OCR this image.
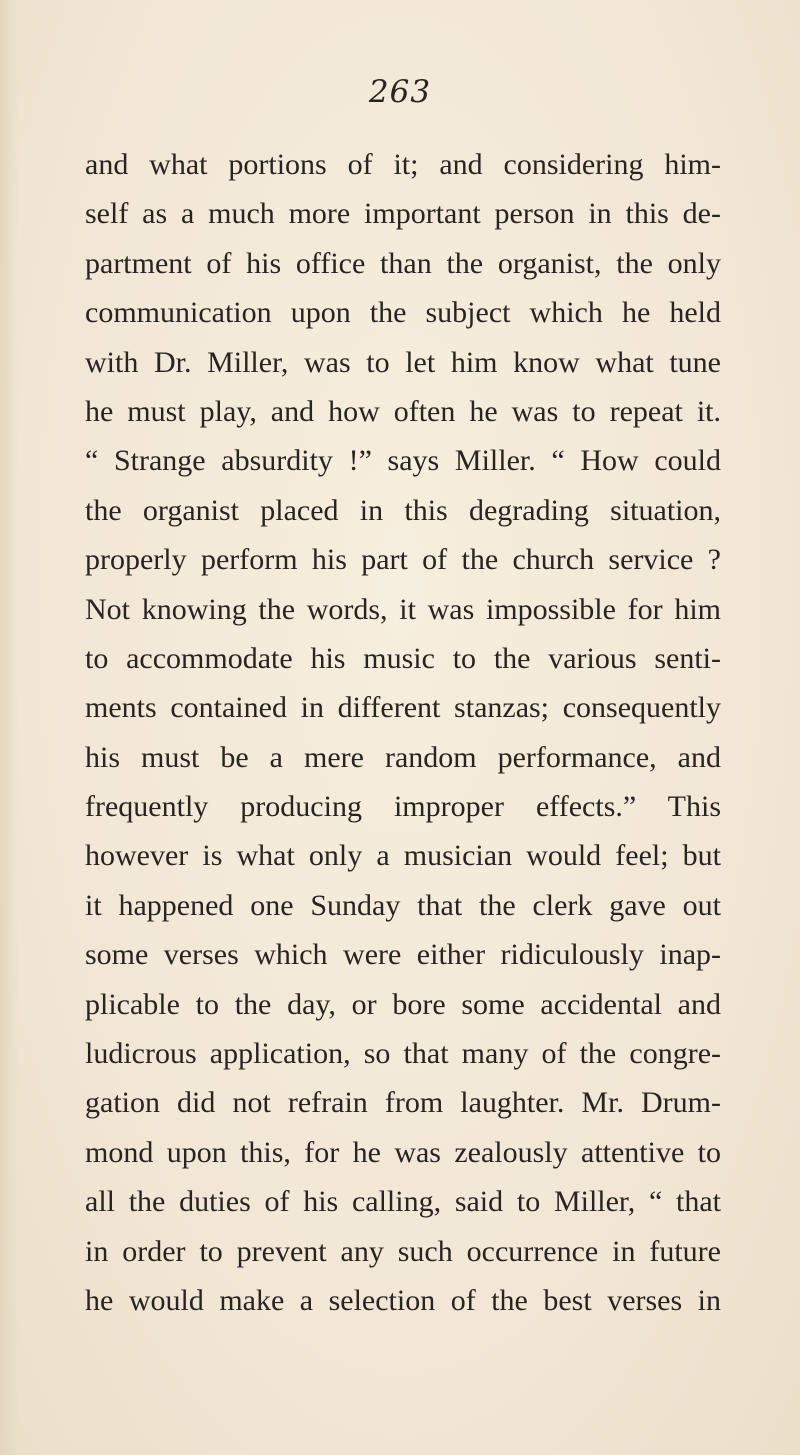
263
and what portions of it; and considering him-
self as a much more important person in this de-
partment of his office than the organist, the only
communication upon the subject which he held
with Dr. Miller, was to let him know what tune
he must play, and how often he was to repeat it.
“ Strange absurdity !” says Miller. “ How could
the organist placed in this degrading situation,
properly perform his part of the church service ?
Not knowing the words, it was impossible for him
to accommodate his music to the various senti-
ments contained in different stanzas; consequently
his must be a mere random performance, and
frequently producing improper effects.” This
however is what only a musician would feel; but
it happened one Sunday that the clerk gave out
some verses which were either ridiculously inap-
plicable to the day, or bore some accidental and
ludicrous application, so that many of the congre-
gation did not refrain from laughter. Mr. Drum-
mond upon this, for he was zealously attentive to
all the duties of his calling, said to Miller, “ that
in order to prevent any such occurrence in future
he would make a selection of the best verses in
